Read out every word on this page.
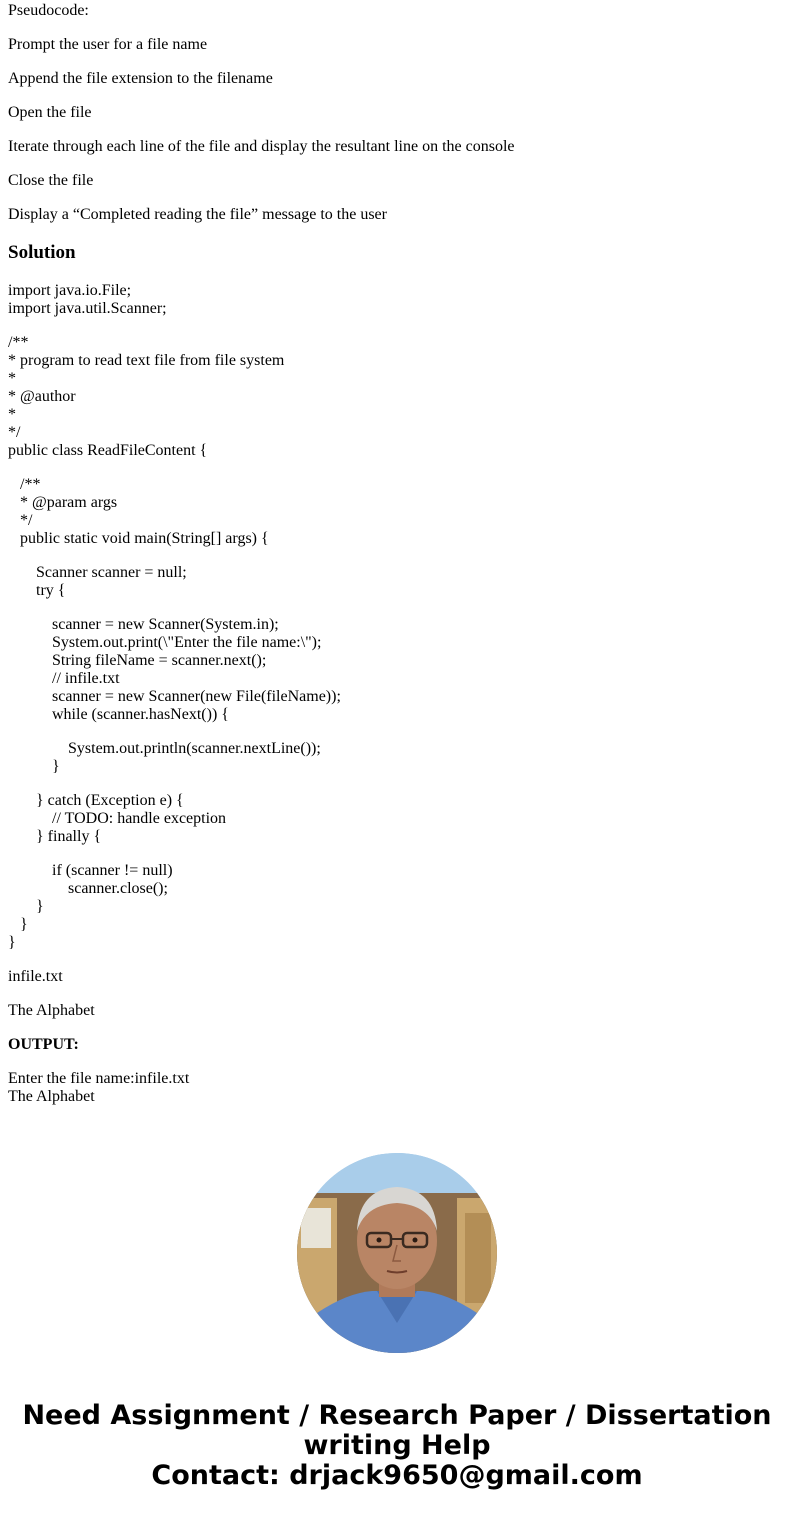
Pseudocode:
Prompt the user for a file name
Append the file extension to the filename
Open the file
Iterate through each line of the file and display the resultant line on the console
Close the file
Display a “Completed reading the file” message to the user
Solution
import java.io.File;
import java.util.Scanner;
/**
* program to read text file from file system
*
* @author
*
*/
public class ReadFileContent {
/**
* @param args
*/
public static void main(String[] args) {
Scanner scanner = null;
try {
scanner = new Scanner(System.in);
System.out.print(\"Enter the file name:\");
String fileName = scanner.next();
// infile.txt
scanner = new Scanner(new File(fileName));
while (scanner.hasNext()) {
System.out.println(scanner.nextLine());
}
} catch (Exception e) {
// TODO: handle exception
} finally {
if (scanner != null)
scanner.close();
}
}
}
infile.txt
The Alphabet
OUTPUT:
Enter the file name:infile.txt
The Alphabet
Need Assignment / Research Paper / Dissertation
writing Help
Contact: drjack9650@gmail.com
